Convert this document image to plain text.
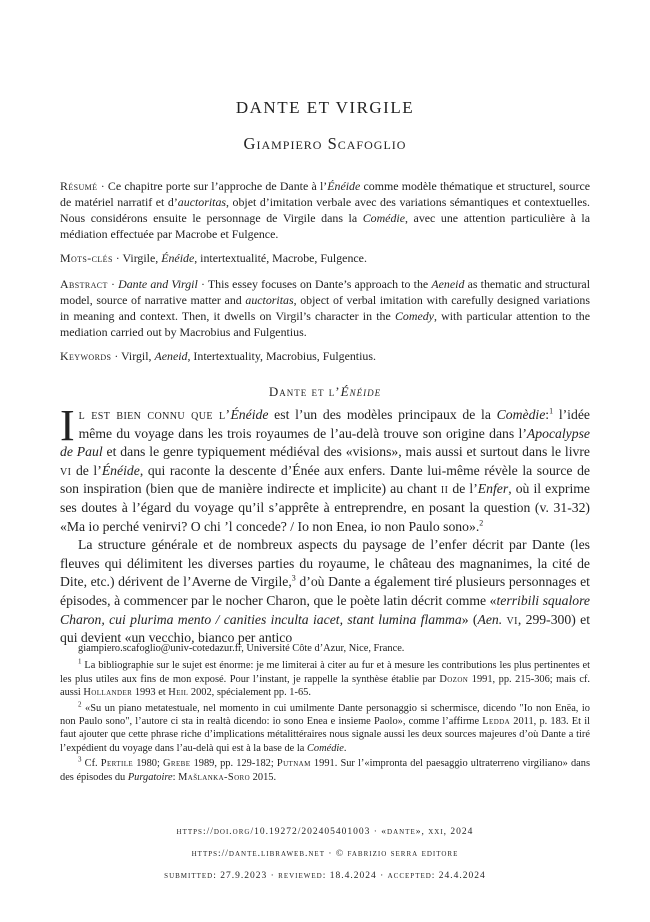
DANTE ET VIRGILE
Giampiero Scafoglio
Résumé · Ce chapitre porte sur l’approche de Dante à l’Énéide comme modèle thématique et structurel, source de matériel narratif et d’auctoritas, objet d’imitation verbale avec des variations sémantiques et contextuelles. Nous considérons ensuite le personnage de Virgile dans la Comédie, avec une attention particulière à la médiation effectuée par Macrobe et Fulgence.
Mots-clés · Virgile, Énéide, intertextualité, Macrobe, Fulgence.
Abstract · Dante and Virgil · This essey focuses on Dante’s approach to the Aeneid as thematic and structural model, source of narrative matter and auctoritas, object of verbal imitation with carefully designed variations in meaning and context. Then, it dwells on Virgil’s character in the Comedy, with particular attention to the mediation carried out by Macrobius and Fulgentius.
Keywords · Virgil, Aeneid, Intertextuality, Macrobius, Fulgentius.
Dante et l’Énéide

Il est bien connu que l’Énéide est l’un des modèles principaux de la Comèdie:$^1$ l’idée même du voyage dans les trois royaumes de l’au-delà trouve son origine dans l’Apocalypse de Paul et dans le genre typiquement médiéval des «visions», mais aussi et surtout dans le livre vi de l’Énéide, qui raconte la descente d’Énée aux enfers. Dante lui-même révèle la source de son inspiration (bien que de manière indirecte et implicite) au chant ii de l’Enfer, où il exprime ses doutes à l’égard du voyage qu’il s’apprête à entreprendre, en posant la question (v. 31-32) «Ma io perché venirvi? O chi ’l concede? / Io non Enea, io non Paulo sono».$^2$

La structure générale et de nombreux aspects du paysage de l’enfer décrit par Dante (les fleuves qui délimitent les diverses parties du royaume, le château des magnanimes, la cité de Dite, etc.) dérivent de l’Averne de Virgile,$^3$ d’où Dante a également tiré plusieurs personnages et épisodes, à commencer par le nocher Charon, que le poète latin décrit comme «terribili squalore Charon, cui plurima mento / canities inculta iacet, stant lumina flamma» (Aen. vi, 299-300) et qui devient «un vecchio, bianco per antico

giampiero.scafoglio@univ-cotedazur.fr, Université Côte d’Azur, Nice, France.

$^1$ La bibliographie sur le sujet est énorme: je me limiterai à citer au fur et à mesure les contributions les plus pertinentes et les plus utiles aux fins de mon exposé. Pour l’instant, je rappelle la synthèse établie par Dozon 1991, pp. 215-306; mais cf. aussi Hollander 1993 et Heil 2002, spécialement pp. 1-65.

$^2$ «Su un piano metatestuale, nel momento in cui umilmente Dante personaggio si schermisce, dicendo "Io non Enëa, io non Paulo sono", l’autore ci sta in realtà dicendo: io sono Enea e insieme Paolo», comme l’affirme Ledda 2011, p. 183. Et il faut ajouter que cette phrase riche d’implications métalittéraires nous signale aussi les deux sources majeures d’où Dante a tiré l’expédient du voyage dans l’au-delà qui est à la base de la Comédie.

$^3$ Cf. Pertile 1980; Grebe 1989, pp. 129-182; Putnam 1991. Sur l’«impronta del paesaggio ultraterreno virgiliano» dans des épisodes du Purgatoire: Mašlanka-Soro 2015.

https://doi.org/10.19272/202405401003 · «dante», xxi, 2024
https://dante.libraweb.net · © fabrizio serra editore
submitted: 27.9.2023 · reviewed: 18.4.2024 · accepted: 24.4.2024
